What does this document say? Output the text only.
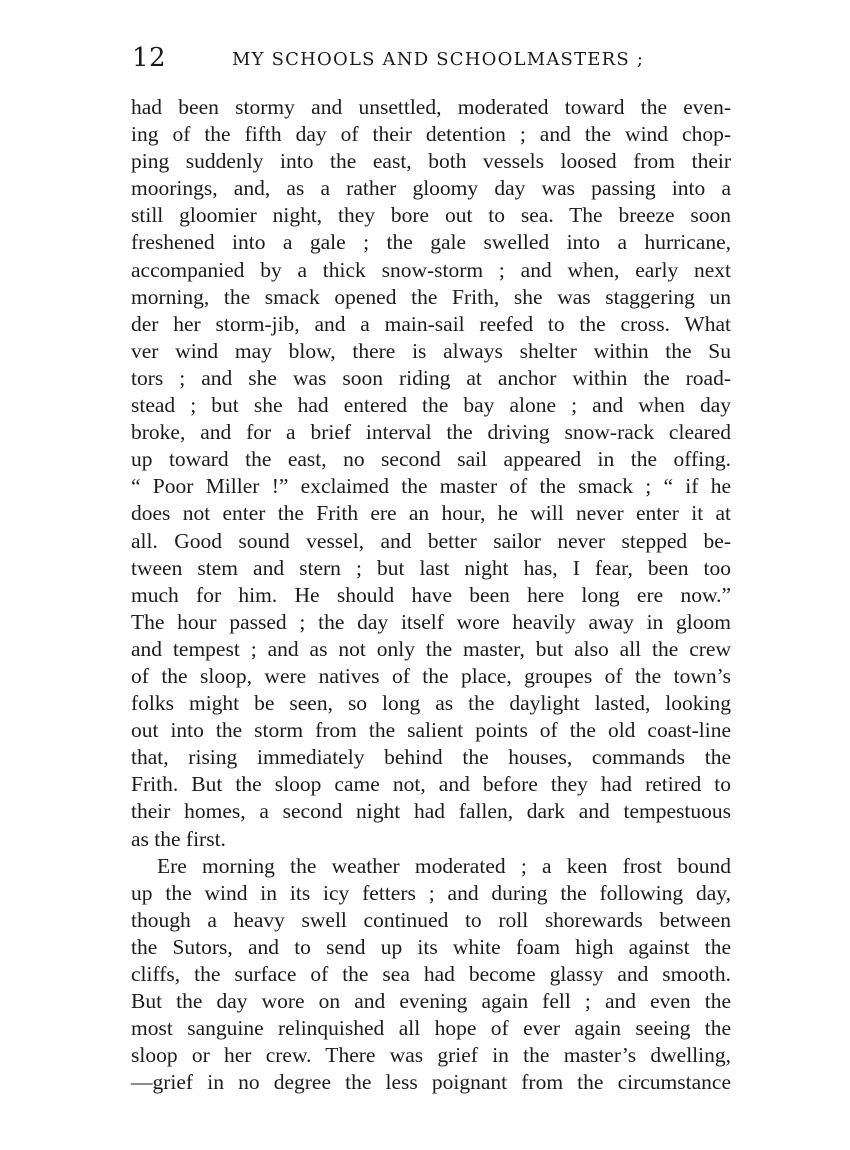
12	MY SCHOOLS AND SCHOOLMASTERS ;
had been stormy and unsettled, moderated toward the even-
ing of the fifth day of their detention ; and the wind chop-
ping suddenly into the east, both vessels loosed from their
moorings, and, as a rather gloomy day was passing into a
still gloomier night, they bore out to sea. The breeze soon
freshened into a gale ; the gale swelled into a hurricane,
accompanied by a thick snow-storm ; and when, early next
morning, the smack opened the Frith, she was staggering un
der her storm-jib, and a main-sail reefed to the cross. What
ver wind may blow, there is always shelter within the Su
tors ; and she was soon riding at anchor within the road-
stead ; but she had entered the bay alone ; and when day
broke, and for a brief interval the driving snow-rack cleared
up toward the east, no second sail appeared in the offing.
“ Poor Miller !” exclaimed the master of the smack ; “ if he
does not enter the Frith ere an hour, he will never enter it at
all. Good sound vessel, and better sailor never stepped be-
tween stem and stern ; but last night has, I fear, been too
much for him. He should have been here long ere now.”
The hour passed ; the day itself wore heavily away in gloom
and tempest ; and as not only the master, but also all the crew
of the sloop, were natives of the place, groupes of the town’s
folks might be seen, so long as the daylight lasted, looking
out into the storm from the salient points of the old coast-line
that, rising immediately behind the houses, commands the
Frith. But the sloop came not, and before they had retired to
their homes, a second night had fallen, dark and tempestuous
as the first.
Ere morning the weather moderated ; a keen frost bound
up the wind in its icy fetters ; and during the following day,
though a heavy swell continued to roll shorewards between
the Sutors, and to send up its white foam high against the
cliffs, the surface of the sea had become glassy and smooth.
But the day wore on and evening again fell ; and even the
most sanguine relinquished all hope of ever again seeing the
sloop or her crew. There was grief in the master’s dwelling,
—grief in no degree the less poignant from the circumstance
